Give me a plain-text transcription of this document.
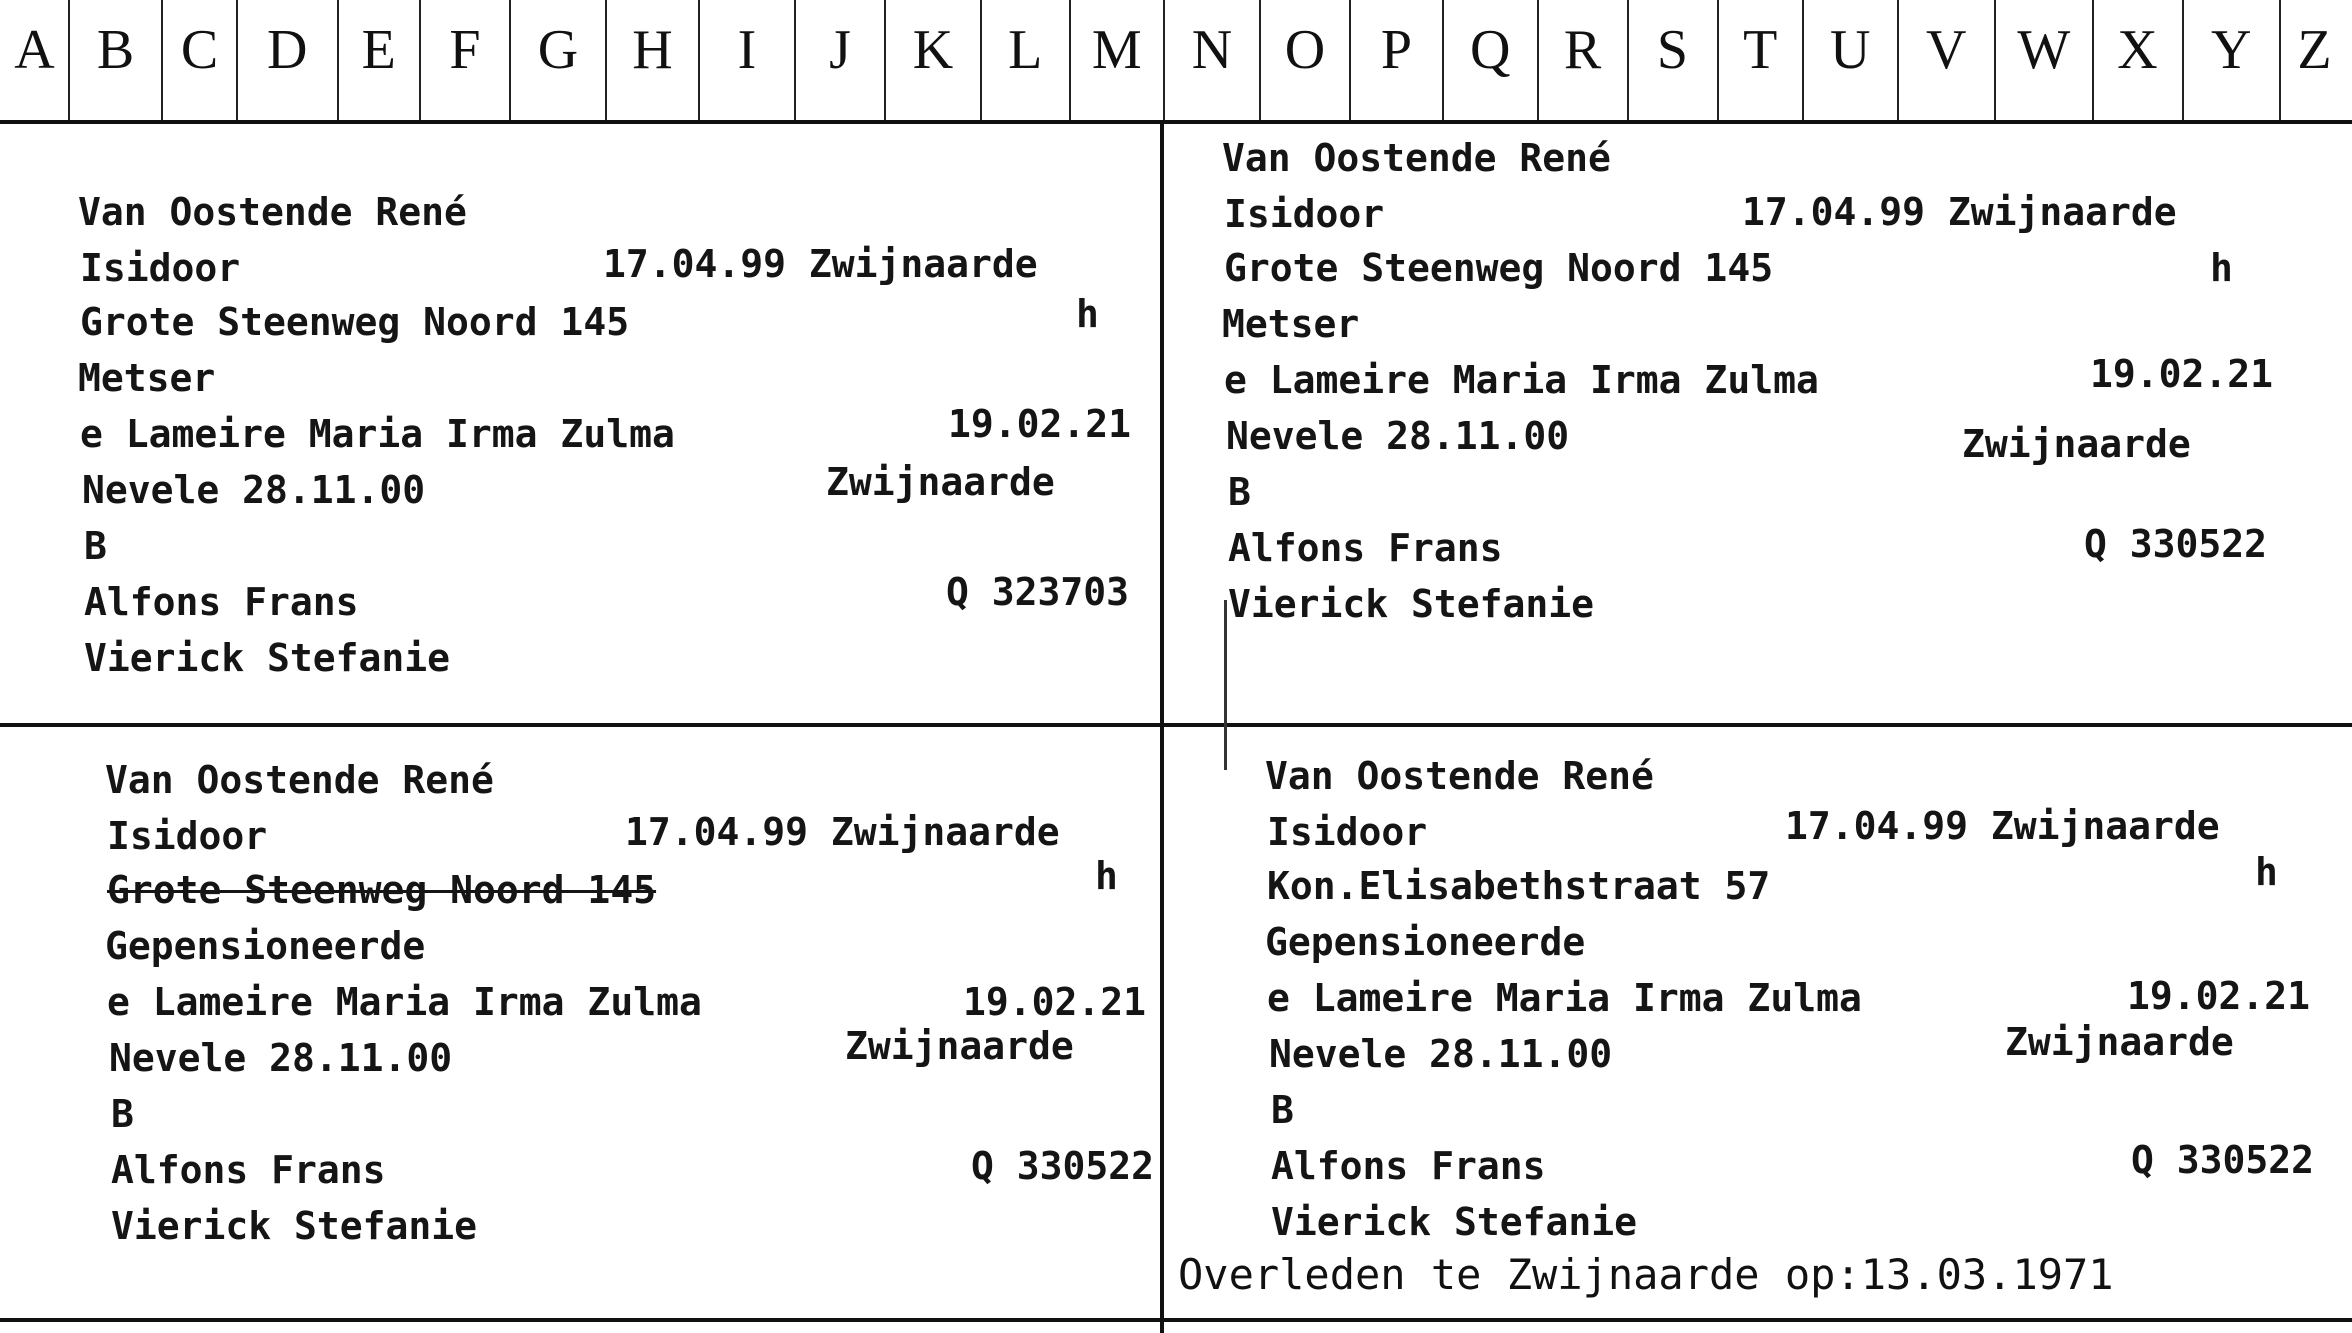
A B C D E F	G H	I	J	K L M N O P	Q R S T U V W X Y Z
Van Oostende René
Isidoor	17.04.99 Zwijnaarde
Grote Steenweg Noord 145	h
Metser
e Lameire Maria Irma Zulma	19.02.21
Nevele 28.11.00	Zwijnaarde
B
Alfons Frans	Q 323703
Vierick Stefanie
Van Oostende René
Isidoor	17.04.99 Zwijnaarde
Grote Steenweg Noord 145	h
Metser
e Lameire Maria Irma Zulma	19.02.21
Nevele 28.11.00	Zwijnaarde
B
Alfons Frans	Q 330522
Vierick Stefanie
Van Oostende René
Isidoor	17.04.99 Zwijnaarde
Grote Steenweg Noord 145	h
Gepensioneerde
e Lameire Maria Irma Zulma	19.02.21
Nevele 28.11.00	Zwijnaarde
B
Alfons Frans	Q 330522
Vierick Stefanie
Van Oostende René
Isidoor	17.04.99 Zwijnaarde
Kon.Elisabethstraat 57	h
Gepensioneerde
e Lameire Maria Irma Zulma	19.02.21
Nevele 28.11.00	Zwijnaarde
B
Alfons Frans	Q 330522
Vierick Stefanie
Overleden te Zwijnaarde op:13.03.1971
